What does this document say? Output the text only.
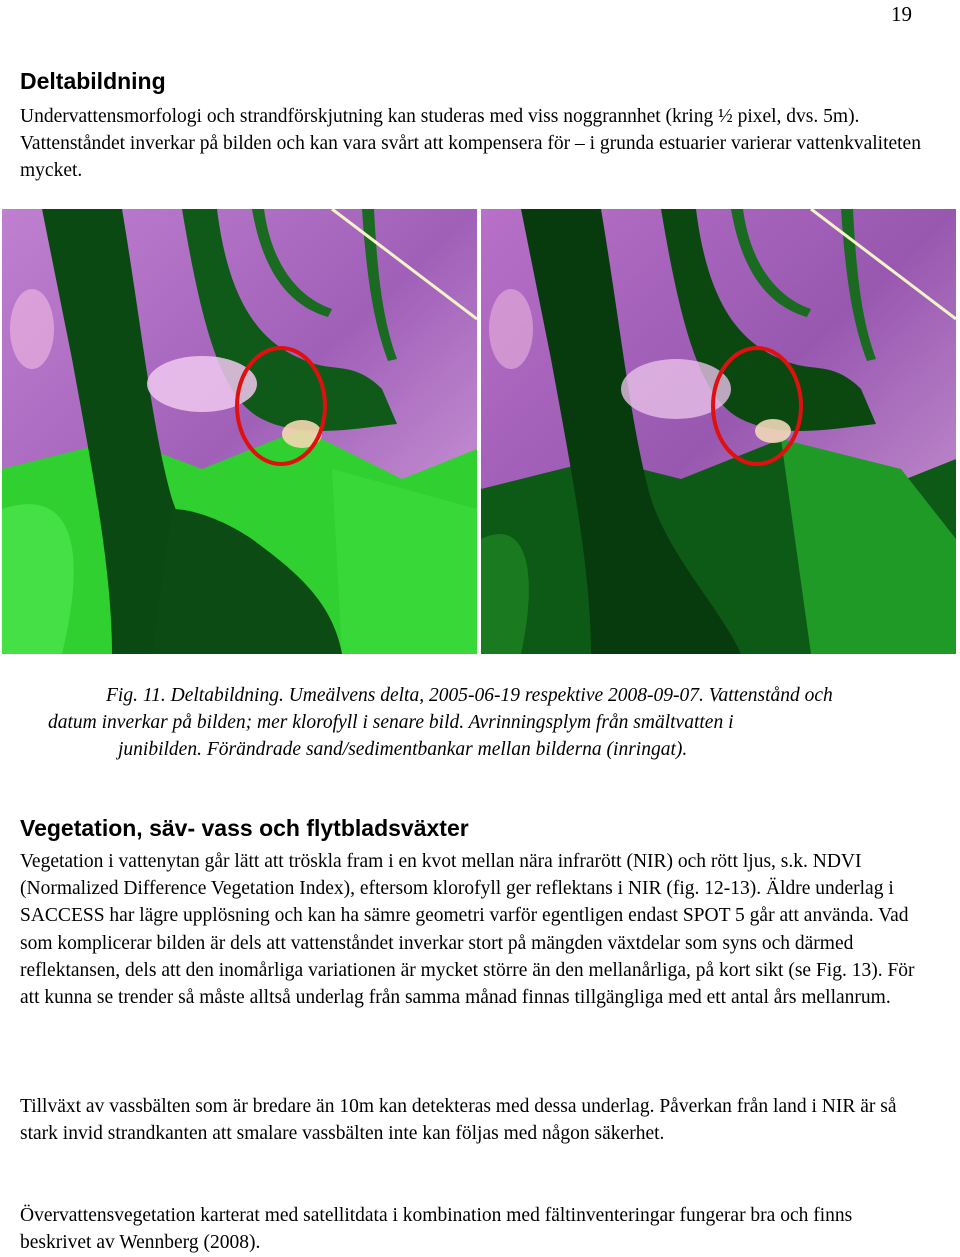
19
Deltabildning

Undervattensmorfologi och strandförskjutning kan studeras med viss noggrannhet (kring ½ pixel, dvs. 5m). Vattenståndet inverkar på bilden och kan vara svårt att kompensera för – i grunda estuarier varierar vattenkvaliteten mycket.

Fig. 11. Deltabildning. Umeälvens delta, 2005-06-19 respektive 2008-09-07. Vattenstånd och
datum inverkar på bilden; mer klorofyll i senare bild. Avrinningsplym från smältvatten i
junibilden. Förändrade sand/sedimentbankar mellan bilderna (inringat).

Vegetation, säv- vass och flytbladsväxter

Vegetation i vattenytan går lätt att tröskla fram i en kvot mellan nära infrarött (NIR) och rött ljus, s.k. NDVI (Normalized Difference Vegetation Index), eftersom klorofyll ger reflektans i NIR (fig. 12-13). Äldre underlag i SACCESS har lägre upplösning och kan ha sämre geometri varför egentligen endast SPOT 5 går att använda. Vad som komplicerar bilden är dels att vattenståndet inverkar stort på mängden växtdelar som syns och därmed reflektansen, dels att den inomårliga variationen är mycket större än den mellanårliga, på kort sikt (se Fig. 13). För att kunna se trender så måste alltså underlag från samma månad finnas tillgängliga med ett antal års mellanrum.

Tillväxt av vassbälten som är bredare än 10m kan detekteras med dessa underlag. Påverkan från land i NIR är så stark invid strandkanten att smalare vassbälten inte kan följas med någon säkerhet.

Övervattensvegetation karterat med satellitdata i kombination med fältinventeringar fungerar bra och finns beskrivet av Wennberg (2008).
